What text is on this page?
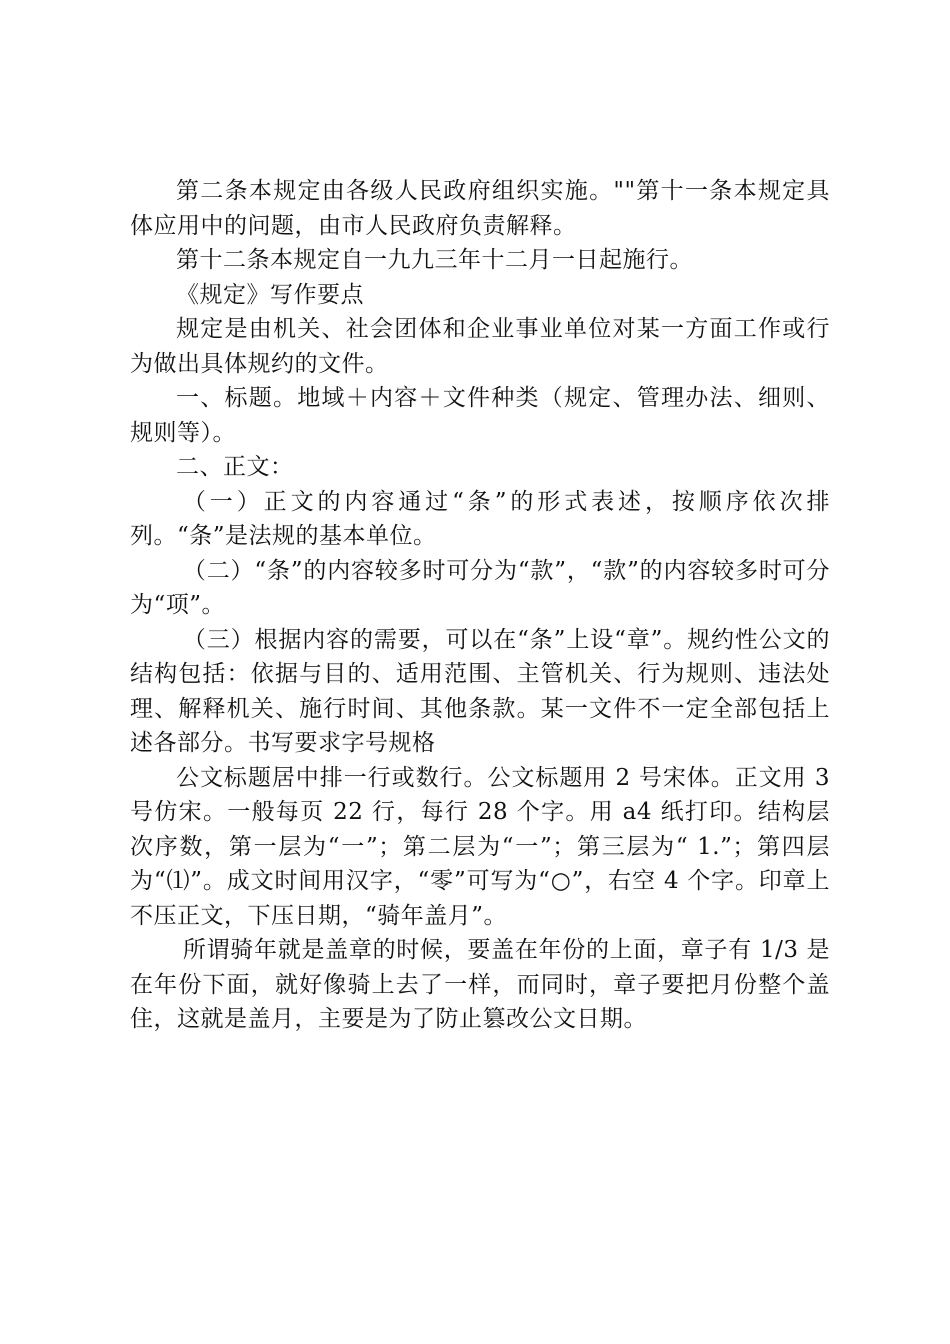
第二条本规定由各级人民政府组织实施。""第十一条本规定具体应用中的问题，由市人民政府负责解释。

第十二条本规定自一九九三年十二月一日起施行。

《规定》写作要点

规定是由机关、社会团体和企业事业单位对某一方面工作或行为做出具体规约的文件。

一、标题。地域＋内容＋文件种类（规定、管理办法、细则、规则等）。

二、正文：

（一）正文的内容通过“条”的形式表述，按顺序依次排列。“条”是法规的基本单位。

（二）“条”的内容较多时可分为“款”，“款”的内容较多时可分为“项”。

（三）根据内容的需要，可以在“条”上设“章”。规约性公文的结构包括：依据与目的、适用范围、主管机关、行为规则、违法处理、解释机关、施行时间、其他条款。某一文件不一定全部包括上述各部分。书写要求字号规格

公文标题居中排一行或数行。公文标题用 2 号宋体。正文用 3 号仿宋。一般每页 22 行，每行 28 个字。用 a4 纸打印。结构层次序数，第一层为“一”；第二层为“一”；第三层为“ 1.”；第四层为“⑴”。成文时间用汉字，“零”可写为“○”，右空 4 个字。印章上不压正文，下压日期，“骑年盖月”。

所谓骑年就是盖章的时候，要盖在年份的上面，章子有 1/3 是在年份下面，就好像骑上去了一样，而同时，章子要把月份整个盖住，这就是盖月，主要是为了防止篡改公文日期。
